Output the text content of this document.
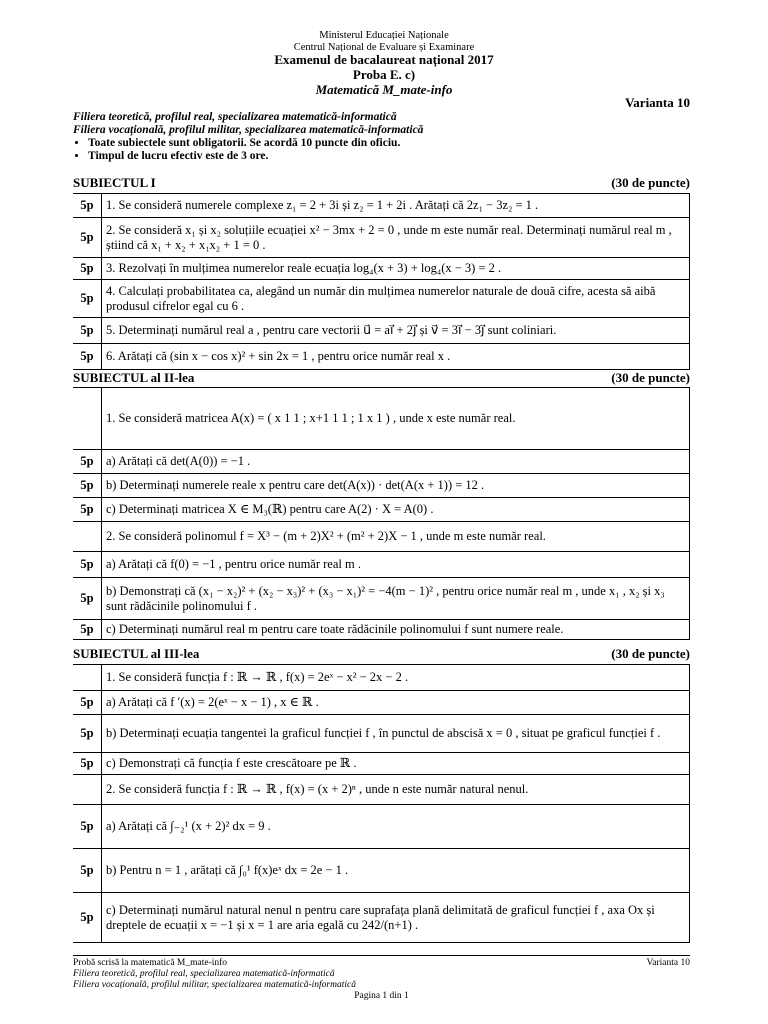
Ministerul Educației Naționale
Centrul Național de Evaluare și Examinare
Examenul de bacalaureat național 2017
Proba E. c)
Matematică M_mate-info
Varianta 10
Filiera teoretică, profilul real, specializarea matematică-informatică
Filiera vocațională, profilul militar, specializarea matematică-informatică
• Toate subiectele sunt obligatorii. Se acordă 10 puncte din oficiu.
• Timpul de lucru efectiv este de 3 ore.
SUBIECTUL I	(30 de puncte)
5p	1. Se consideră numerele complexe z₁ = 2 + 3i și z₂ = 1 + 2i . Arătați că 2z₁ − 3z₂ = 1 .
5p	2. Se consideră x₁ și x₂ soluțiile ecuației x² − 3mx + 2 = 0 , unde m este număr real. Determinați numărul real m , știind că x₁ + x₂ + x₁x₂ + 1 = 0 .
5p	3. Rezolvați în mulțimea numerelor reale ecuația log₄(x + 3) + log₄(x − 3) = 2 .
5p	4. Calculați probabilitatea ca, alegând un număr din mulțimea numerelor naturale de două cifre, acesta să aibă produsul cifrelor egal cu 6 .
5p	5. Determinați numărul real a , pentru care vectorii u⃗ = ai⃗ + 2j⃗ și v⃗ = 3i⃗ − 3j⃗ sunt coliniari.
5p	6. Arătați că (sin x − cos x)² + sin 2x = 1 , pentru orice număr real x .
SUBIECTUL al II-lea	(30 de puncte)
	1. Se consideră matricea A(x) = ( x 1 1 ; x+1 1 1 ; 1 x 1 ) , unde x este număr real.
5p	a) Arătați că det(A(0)) = −1 .
5p	b) Determinați numerele reale x pentru care det(A(x)) · det(A(x + 1)) = 12 .
5p	c) Determinați matricea X ∈ M₃(ℝ) pentru care A(2) · X = A(0) .
	2. Se consideră polinomul f = X³ − (m + 2)X² + (m² + 2)X − 1 , unde m este număr real.
5p	a) Arătați că f(0) = −1 , pentru orice număr real m .
5p	b) Demonstrați că (x₁ − x₂)² + (x₂ − x₃)² + (x₃ − x₁)² = −4(m − 1)² , pentru orice număr real m , unde x₁ , x₂ și x₃ sunt rădăcinile polinomului f .
5p	c) Determinați numărul real m pentru care toate rădăcinile polinomului f sunt numere reale.
SUBIECTUL al III-lea	(30 de puncte)
	1. Se consideră funcția f : ℝ → ℝ , f(x) = 2eˣ − x² − 2x − 2 .
5p	a) Arătați că f ′(x) = 2(eˣ − x − 1) , x ∈ ℝ .
5p	b) Determinați ecuația tangentei la graficul funcției f , în punctul de abscisă x = 0 , situat pe graficul funcției f .
5p	c) Demonstrați că funcția f este crescătoare pe ℝ .
	2. Se consideră funcția f : ℝ → ℝ , f(x) = (x + 2)ⁿ , unde n este număr natural nenul.
5p	a) Arătați că ∫₋₂¹ (x + 2)² dx = 9 .
5p	b) Pentru n = 1 , arătați că ∫₀¹ f(x)eˣ dx = 2e − 1 .
5p	c) Determinați numărul natural nenul n pentru care suprafața plană delimitată de graficul funcției f , axa Ox și dreptele de ecuații x = −1 și x = 1 are aria egală cu 242/(n+1) .
Probă scrisă la matematică M_mate-info	Varianta 10
Filiera teoretică, profilul real, specializarea matematică-informatică
Filiera vocațională, profilul militar, specializarea matematică-informatică
Pagina 1 din 1
